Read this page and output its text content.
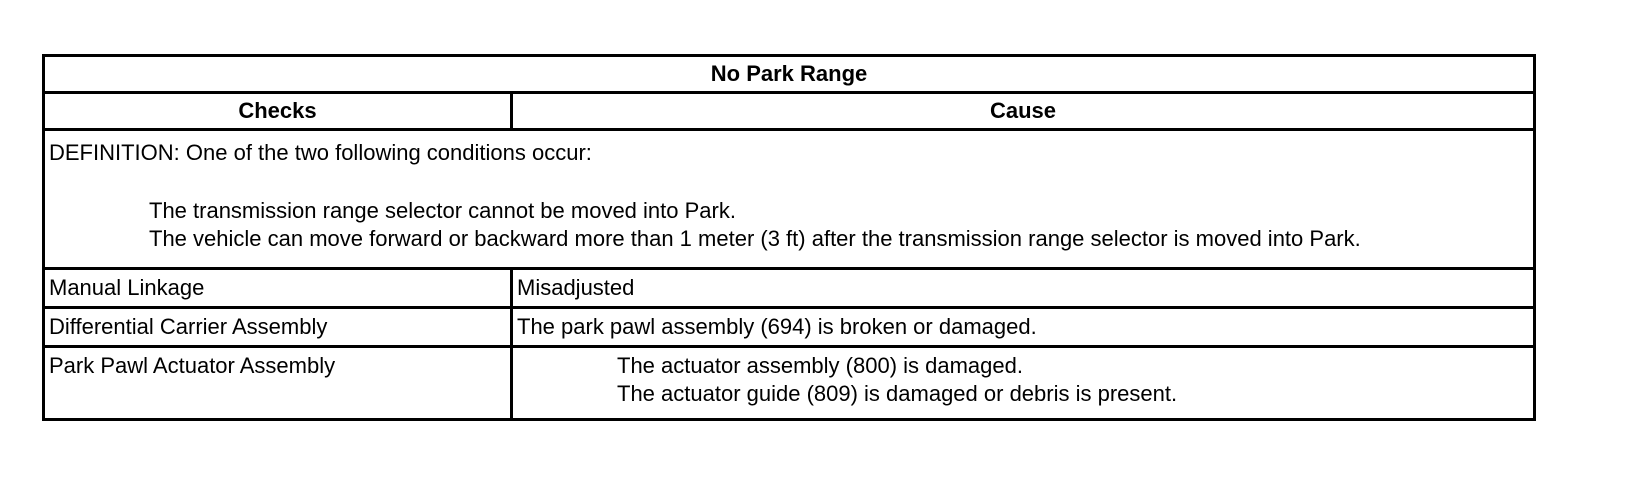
No Park Range	
Checks	Cause

DEFINITION: One of the two following conditions occur:
The transmission range selector cannot be moved into Park.
The vehicle can move forward or backward more than 1 meter (3 ft) after the transmission range selector is moved into Park.	

Manual Linkage	Misadjusted
Differential Carrier Assembly	The park pawl assembly (694) is broken or damaged.
Park Pawl Actuator Assembly	The actuator assembly (800) is damaged.
The actuator guide (809) is damaged or debris is present.
